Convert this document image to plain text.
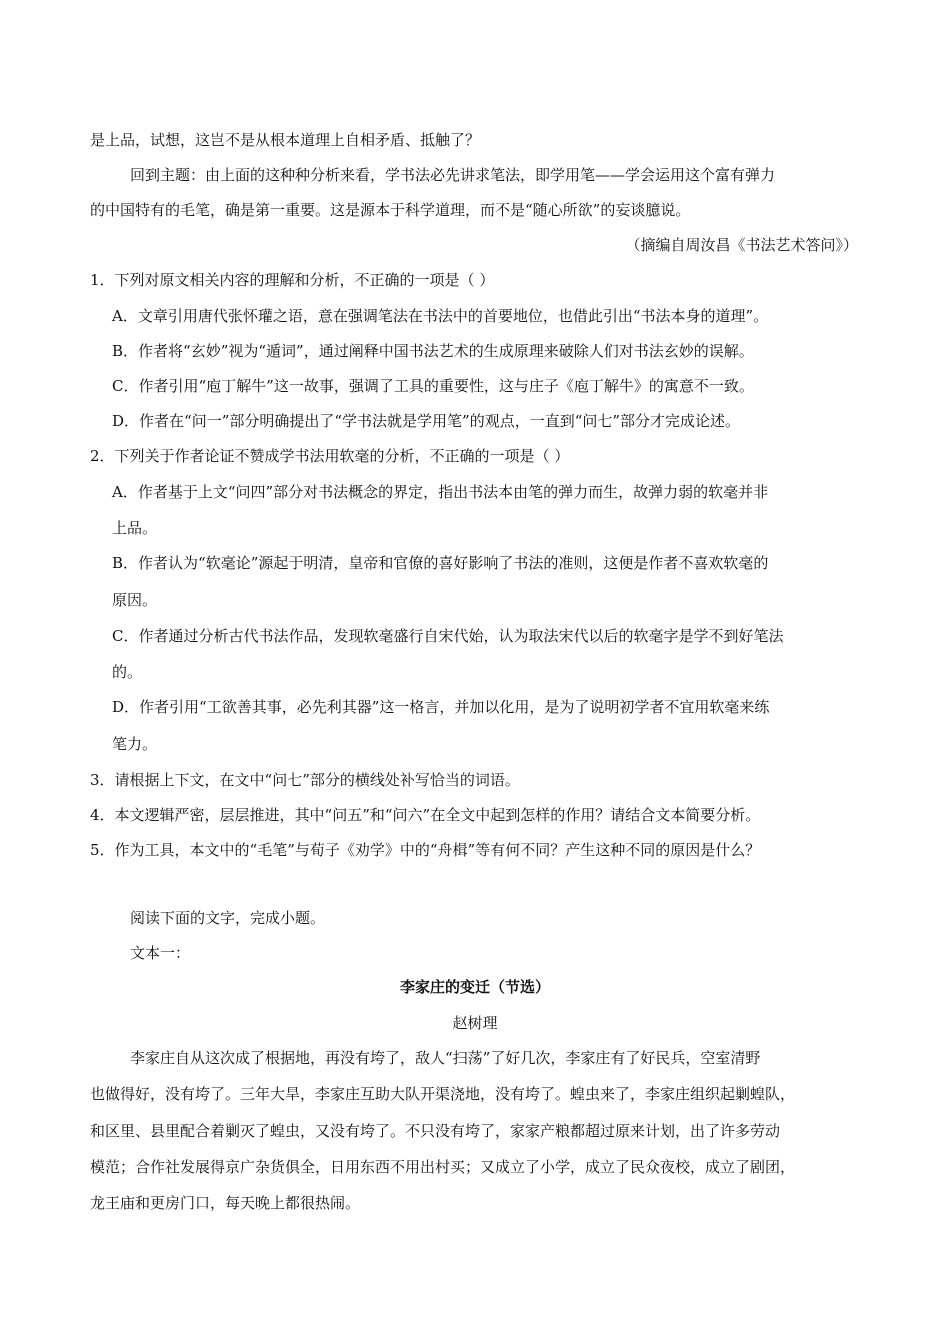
是上品，试想，这岂不是从根本道理上自相矛盾、抵触了？
回到主题：由上面的这种种分析来看，学书法必先讲求笔法，即学用笔——学会运用这个富有弹力
的中国特有的毛笔，确是第一重要。这是源本于科学道理，而不是“随心所欲”的妄谈臆说。
（摘编自周汝昌《书法艺术答问》）
1．下列对原文相关内容的理解和分析，不正确的一项是（ ）
A．文章引用唐代张怀瓘之语，意在强调笔法在书法中的首要地位，也借此引出“书法本身的道理”。
B．作者将“玄妙”视为“遁词”，通过阐释中国书法艺术的生成原理来破除人们对书法玄妙的误解。
C．作者引用“庖丁解牛”这一故事，强调了工具的重要性，这与庄子《庖丁解牛》的寓意不一致。
D．作者在“问一”部分明确提出了“学书法就是学用笔”的观点，一直到“问七”部分才完成论述。
2．下列关于作者论证不赞成学书法用软毫的分析，不正确的一项是（ ）
A．作者基于上文“问四”部分对书法概念的界定，指出书法本由笔的弹力而生，故弹力弱的软毫并非
上品。
B．作者认为“软毫论”源起于明清，皇帝和官僚的喜好影响了书法的准则，这便是作者不喜欢软毫的
原因。
C．作者通过分析古代书法作品，发现软毫盛行自宋代始，认为取法宋代以后的软毫字是学不到好笔法
的。
D．作者引用“工欲善其事，必先利其器”这一格言，并加以化用，是为了说明初学者不宜用软毫来练
笔力。
3．请根据上下文，在文中“问七”部分的横线处补写恰当的词语。
4．本文逻辑严密，层层推进，其中“问五”和“问六”在全文中起到怎样的作用？请结合文本简要分析。
5．作为工具，本文中的“毛笔”与荀子《劝学》中的“舟楫”等有何不同？产生这种不同的原因是什么？
阅读下面的文字，完成小题。
文本一：
李家庄的变迁（节选）
赵树理
李家庄自从这次成了根据地，再没有垮了，敌人“扫荡”了好几次，李家庄有了好民兵，空室清野
也做得好，没有垮了。三年大旱，李家庄互助大队开渠浇地，没有垮了。蝗虫来了，李家庄组织起剿蝗队，
和区里、县里配合着剿灭了蝗虫，又没有垮了。不只没有垮了，家家产粮都超过原来计划，出了许多劳动
模范；合作社发展得京广杂货俱全，日用东西不用出村买；又成立了小学，成立了民众夜校，成立了剧团，
龙王庙和更房门口，每天晚上都很热闹。
